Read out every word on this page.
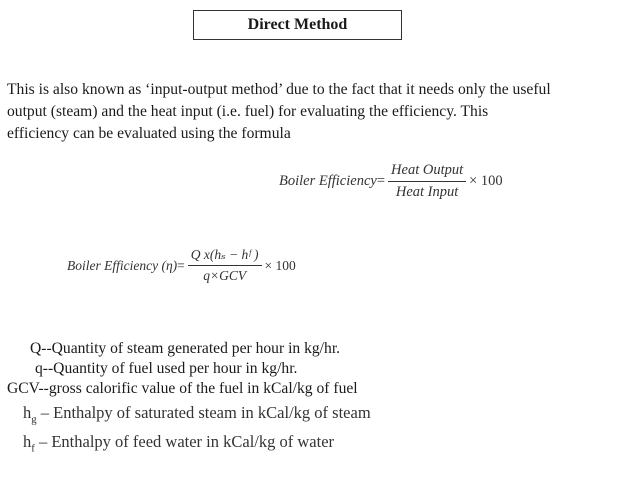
Direct Method
This is also known as ‘input-output method’ due to the fact that it needs only the useful
output (steam) and the heat input (i.e. fuel) for evaluating the efficiency. This
efficiency can be evaluated using the formula
Boiler Efficiency = $\frac{\text{Heat Output}}{\text{Heat Input}} \times 100$
Boiler Efficiency $(\eta) = \frac{\text{Q x(hₛ − hᶠ )}}{\text{q×GCV}} \times 100$
Q--Quantity of steam generated per hour in kg/hr.
q--Quantity of fuel used per hour in kg/hr.
GCV--gross calorific value of the fuel in kCal/kg of fuel
$h_g$ – Enthalpy of saturated steam in kCal/kg of steam
$h_f$ – Enthalpy of feed water in kCal/kg of water
